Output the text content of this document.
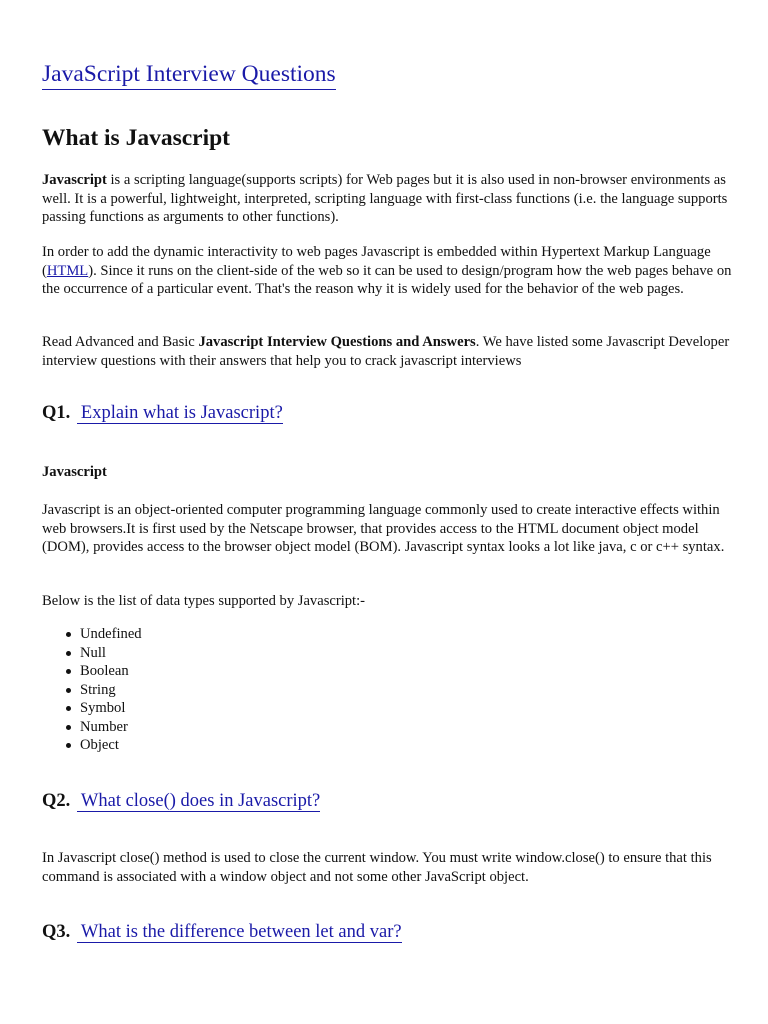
JavaScript Interview Questions
What is Javascript

Javascript is a scripting language(supports scripts) for Web pages but it is also used in non-browser environments as well. It is a powerful, lightweight, interpreted, scripting language with first-class functions (i.e. the language supports passing functions as arguments to other functions).

In order to add the dynamic interactivity to web pages Javascript is embedded within Hypertext Markup Language (HTML). Since it runs on the client-side of the web so it can be used to design/program how the web pages behave on the occurrence of a particular event. That's the reason why it is widely used for the behavior of the web pages.

Read Advanced and Basic Javascript Interview Questions and Answers. We have listed some Javascript Developer interview questions with their answers that help you to crack javascript interviews

Q1. Explain what is Javascript?

Javascript

Javascript is an object-oriented computer programming language commonly used to create interactive effects within web browsers.It is first used by the Netscape browser, that provides access to the HTML document object model (DOM), provides access to the browser object model (BOM). Javascript syntax looks a lot like java, c or c++ syntax.

Below is the list of data types supported by Javascript:-

Undefined
Null
Boolean
String
Symbol
Number
Object
Q2. What close() does in Javascript?

In Javascript close() method is used to close the current window. You must write window.close() to ensure that this command is associated with a window object and not some other JavaScript object.

Q3. What is the difference between let and var?
